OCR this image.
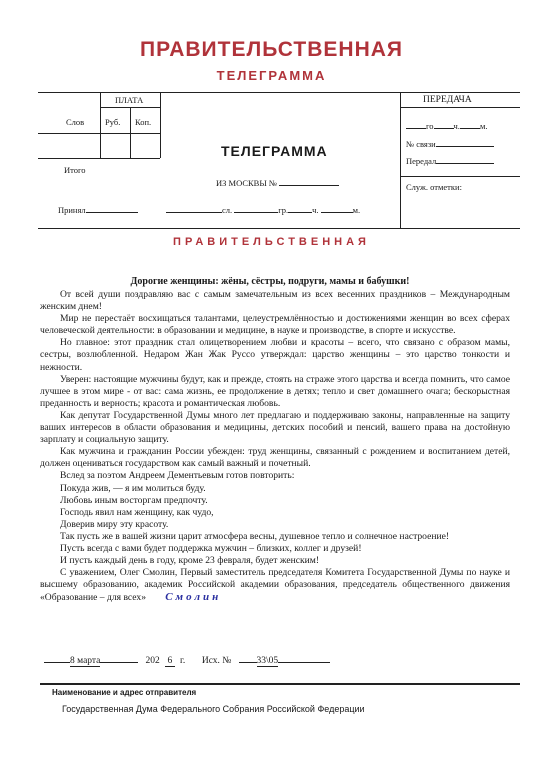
ПРАВИТЕЛЬСТВЕННАЯ
ТЕЛЕГРАММА
ПЛАТА
Слов Руб. Коп.
Итого
Принял
ТЕЛЕГРАММА
ИЗ МОСКВЫ №
сл.	гр.	ч.	м.
ПЕРЕДАЧА
го ч. м.
№ связи
Передал
Служ. отметки:
ПРАВИТЕЛЬСТВЕННАЯ
Дорогие женщины: жёны, сёстры, подруги, мамы и бабушки!

От всей души поздравляю вас с самым замечательным из всех весенних праздников – Международным женским днем!

Мир не перестаёт восхищаться талантами, целеустремлённостью и достижениями женщин во всех сферах человеческой деятельности: в образовании и медицине, в науке и производстве, в спорте и искусстве.

Но главное: этот праздник стал олицетворением любви и красоты – всего, что связано с образом мамы, сестры, возлюбленной. Недаром Жан Жак Руссо утверждал: царство женщины – это царство тонкости и нежности.

Уверен: настоящие мужчины будут, как и прежде, стоять на страже этого царства и всегда помнить, что самое лучшее в этом мире - от вас: сама жизнь, ее продолжение в детях; тепло и свет домашнего очага; бескорыстная преданность и верность; красота и романтическая любовь.

Как депутат Государственной Думы много лет предлагаю и поддерживаю законы, направленные на защиту ваших интересов в области образования и медицины, детских пособий и пенсий, вашего права на достойную зарплату и социальную защиту.

Как мужчина и гражданин России убежден: труд женщины, связанный с рождением и воспитанием детей, должен оцениваться государством как самый важный и почетный.

Вслед за поэтом Андреем Дементьевым готов повторить:

Покуда жив, — я им молиться буду.

Любовь иным восторгам предпочту.

Господь явил нам женщину, как чудо,

Доверив миру эту красоту.

Так пусть же в вашей жизни царит атмосфера весны, душевное тепло и солнечное настроение!

Пусть всегда с вами будет поддержка мужчин – близких, коллег и друзей!

И пусть каждый день в году, кроме 23 февраля, будет женским!

С уважением, Олег Смолин, Первый заместитель председателя Комитета Государственной Думы по науке и высшему образованию, академик Российской академии образования, председатель общественного движения «Образование – для всех» Смолин

8 марта	202 6 г. Исх. №	33\05
Наименование и адрес отправителя
Государственная Дума Федерального Собрания Российской Федерации
